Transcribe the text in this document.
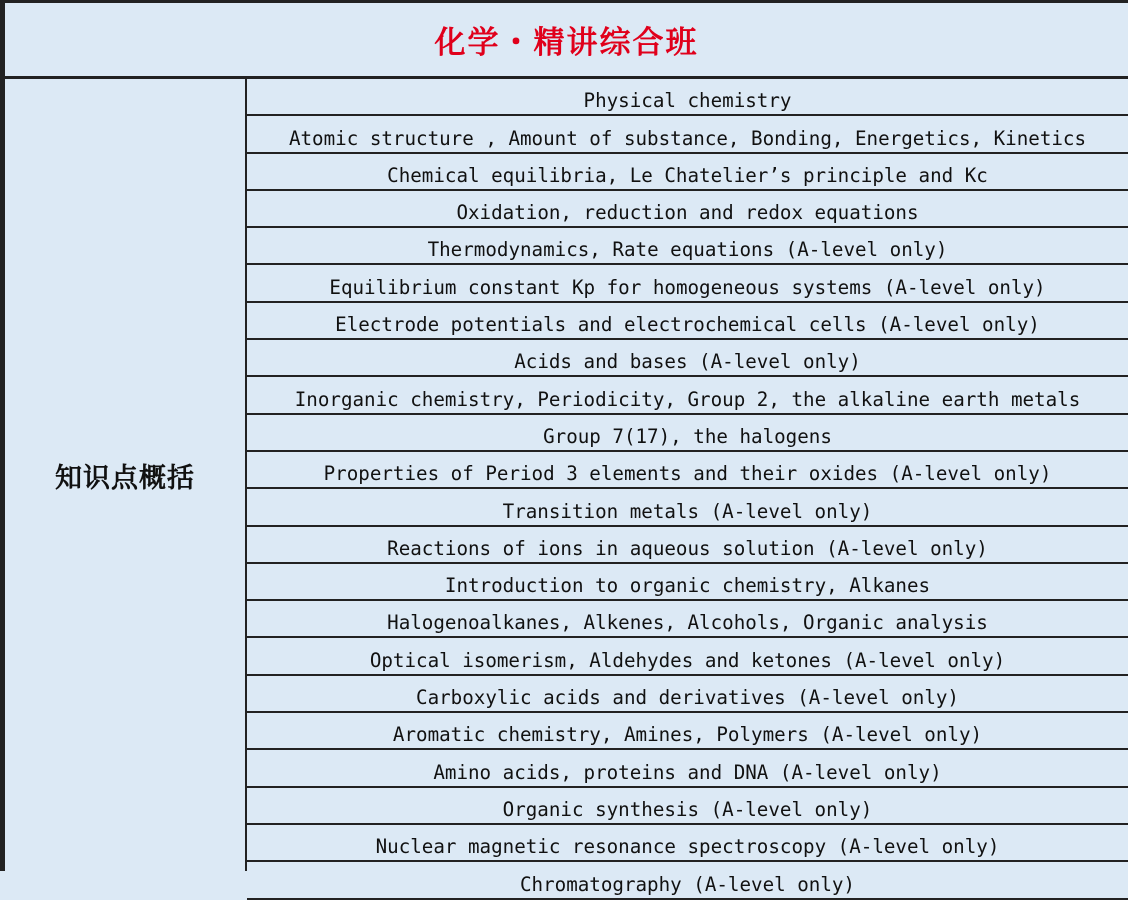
化学・精讲综合班
知识点概括
Physical chemistry
Atomic structure , Amount of substance, Bonding, Energetics, Kinetics
Chemical equilibria, Le Chatelier’s principle and Kc
Oxidation, reduction and redox equations
Thermodynamics, Rate equations (A-level only)
Equilibrium constant Kp for homogeneous systems (A-level only)
Electrode potentials and electrochemical cells (A-level only)
Acids and bases (A-level only)
Inorganic chemistry, Periodicity, Group 2, the alkaline earth metals
Group 7(17), the halogens
Properties of Period 3 elements and their oxides (A-level only)
Transition metals (A-level only)
Reactions of ions in aqueous solution (A-level only)
Introduction to organic chemistry, Alkanes
Halogenoalkanes, Alkenes, Alcohols, Organic analysis
Optical isomerism, Aldehydes and ketones (A-level only)
Carboxylic acids and derivatives (A-level only)
Aromatic chemistry, Amines, Polymers (A-level only)
Amino acids, proteins and DNA (A-level only)
Organic synthesis (A-level only)
Nuclear magnetic resonance spectroscopy (A-level only)
Chromatography (A-level only)
